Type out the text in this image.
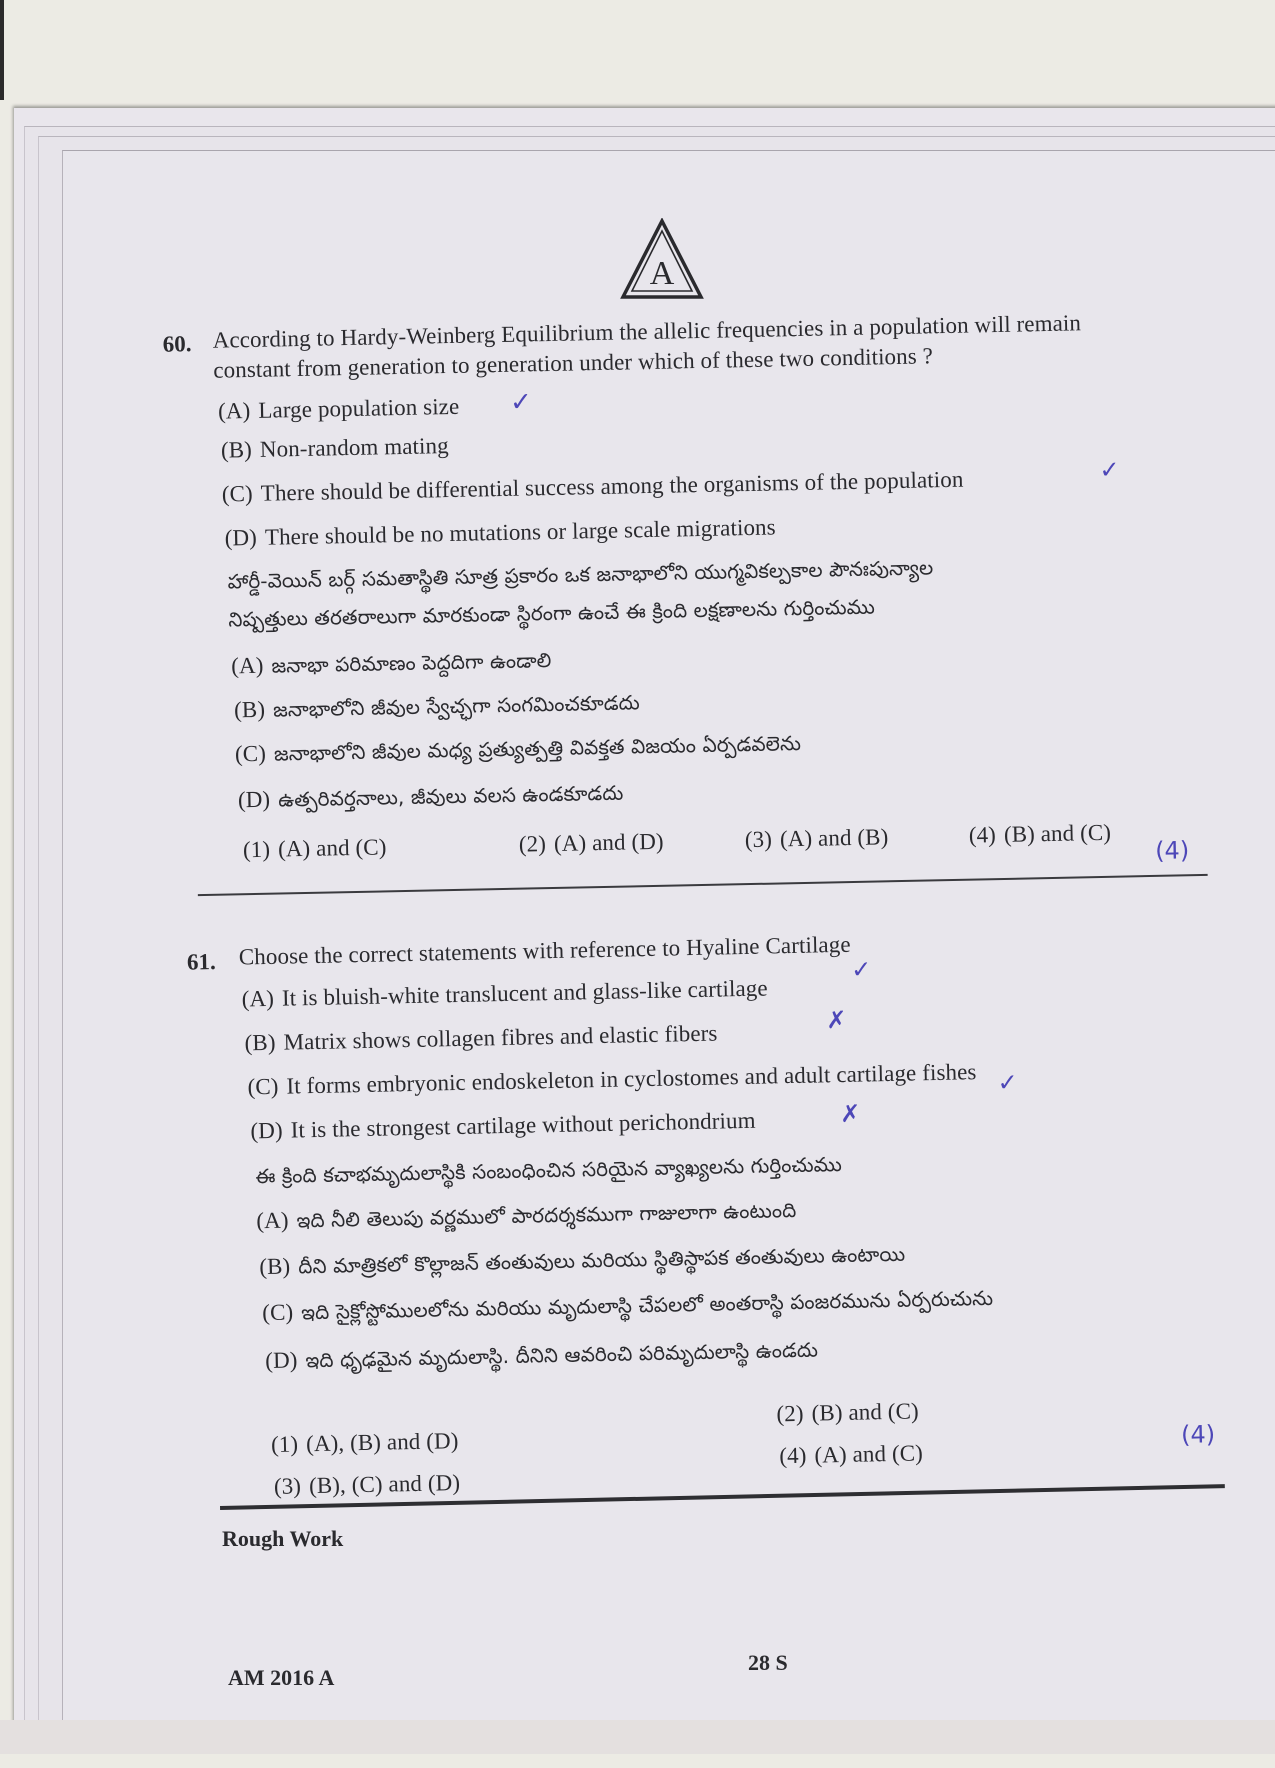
A
60. According to Hardy-Weinberg Equilibrium the allelic frequencies in a population will remain
constant from generation to generation under which of these two conditions ?
(A) Large population size
(B) Non-random mating
(C) There should be differential success among the organisms of the population
(D) There should be no mutations or large scale migrations
హార్డీ-వెయిన్ బర్గ్ సమతాస్థితి సూత్ర ప్రకారం ఒక జనాభాలోని యుగ్మవికల్పకాల పౌనఃపున్యాల
నిష్పత్తులు తరతరాలుగా మారకుండా స్థిరంగా ఉంచే ఈ క్రింది లక్షణాలను గుర్తించుము
(A) జనాభా పరిమాణం పెద్దదిగా ఉండాలి
(B) జనాభాలోని జీవుల స్వేచ్ఛగా సంగమించకూడదు
(C) జనాభాలోని జీవుల మధ్య ప్రత్యుత్పత్తి వివక్తత విజయం ఏర్పడవలెను
(D) ఉత్పరివర్తనాలు, జీవులు వలస ఉండకూడదు
(1) (A) and (C)	(2) (A) and (D)	(3) (A) and (B)	(4) (B) and (C)
✓
✓
(4)
61. Choose the correct statements with reference to Hyaline Cartilage
(A) It is bluish-white translucent and glass-like cartilage
(B) Matrix shows collagen fibres and elastic fibers
(C) It forms embryonic endoskeleton in cyclostomes and adult cartilage fishes
(D) It is the strongest cartilage without perichondrium
ఈ క్రింది కచాభమృదులాస్థికి సంబంధించిన సరియైన వ్యాఖ్యలను గుర్తించుము
(A) ఇది నీలి తెలుపు వర్ణములో పారదర్శకముగా గాజులాగా ఉంటుంది
(B) దీని మాత్రికలో కొల్లాజన్ తంతువులు మరియు స్థితిస్థాపక తంతువులు ఉంటాయి
(C) ఇది సైక్లోస్టోములలోను మరియు మృదులాస్థి చేపలలో అంతరాస్థి పంజరమును ఏర్పరుచును
(D) ఇది ధృఢమైన మృదులాస్థి. దీనిని ఆవరించి పరిమృదులాస్థి ఉండదు
(1) (A), (B) and (D)
(2) (B) and (C)
(3) (B), (C) and (D)
(4) (A) and (C)
✓
✗
✓
✗
(4)
Rough Work
28 S
AM 2016 A
